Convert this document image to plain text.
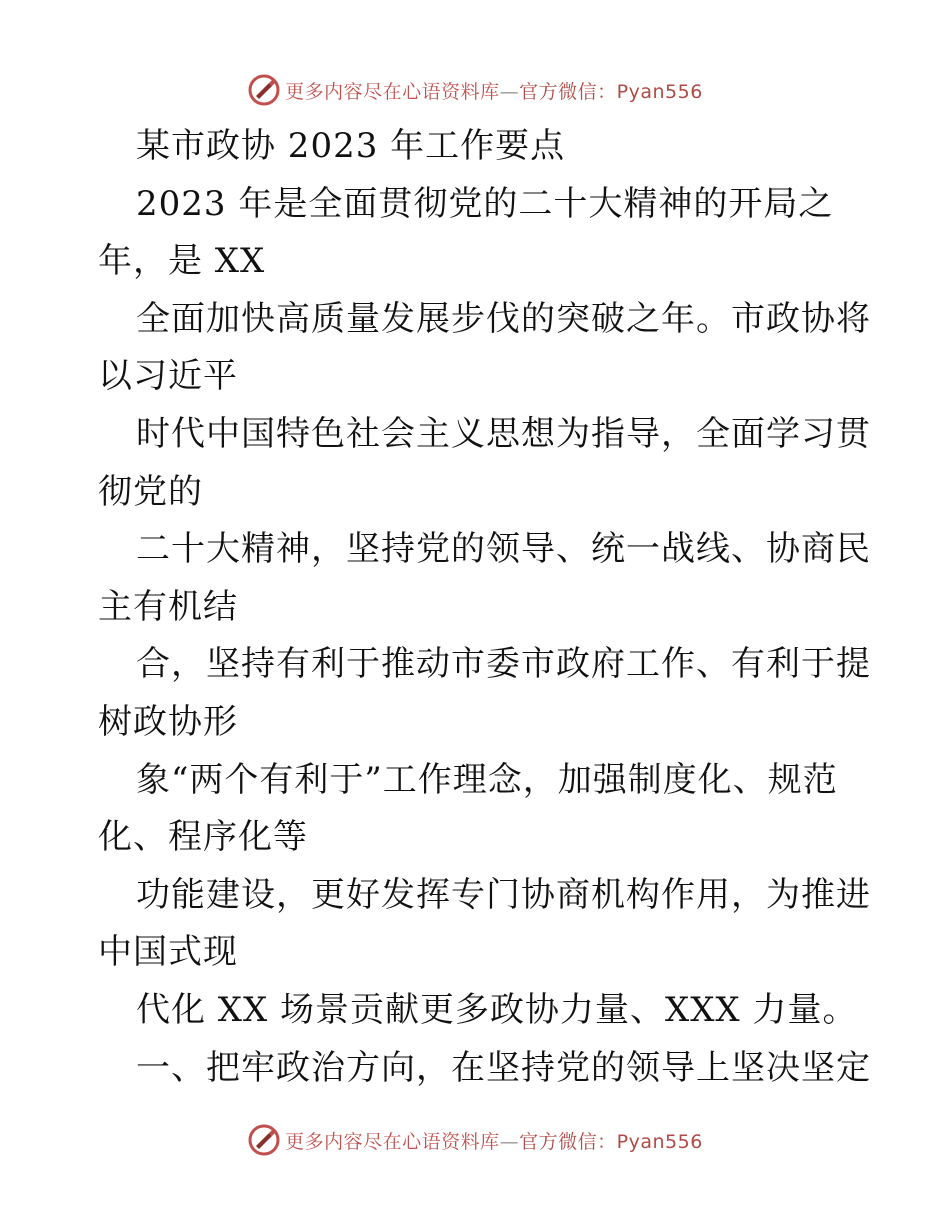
更多内容尽在心语资料库—官方微信：Pyan556
某市政协 2023 年工作要点
2023 年是全面贯彻党的二十大精神的开局之
年，是 XX
全面加快高质量发展步伐的突破之年。市政协将
以习近平
时代中国特色社会主义思想为指导，全面学习贯
彻党的
二十大精神，坚持党的领导、统一战线、协商民
主有机结
合，坚持有利于推动市委市政府工作、有利于提
树政协形
象“两个有利于”工作理念，加强制度化、规范
化、程序化等
功能建设，更好发挥专门协商机构作用，为推进
中国式现
代化 XX 场景贡献更多政协力量、XXX 力量。
一、把牢政治方向，在坚持党的领导上坚决坚定
更多内容尽在心语资料库—官方微信：Pyan556
